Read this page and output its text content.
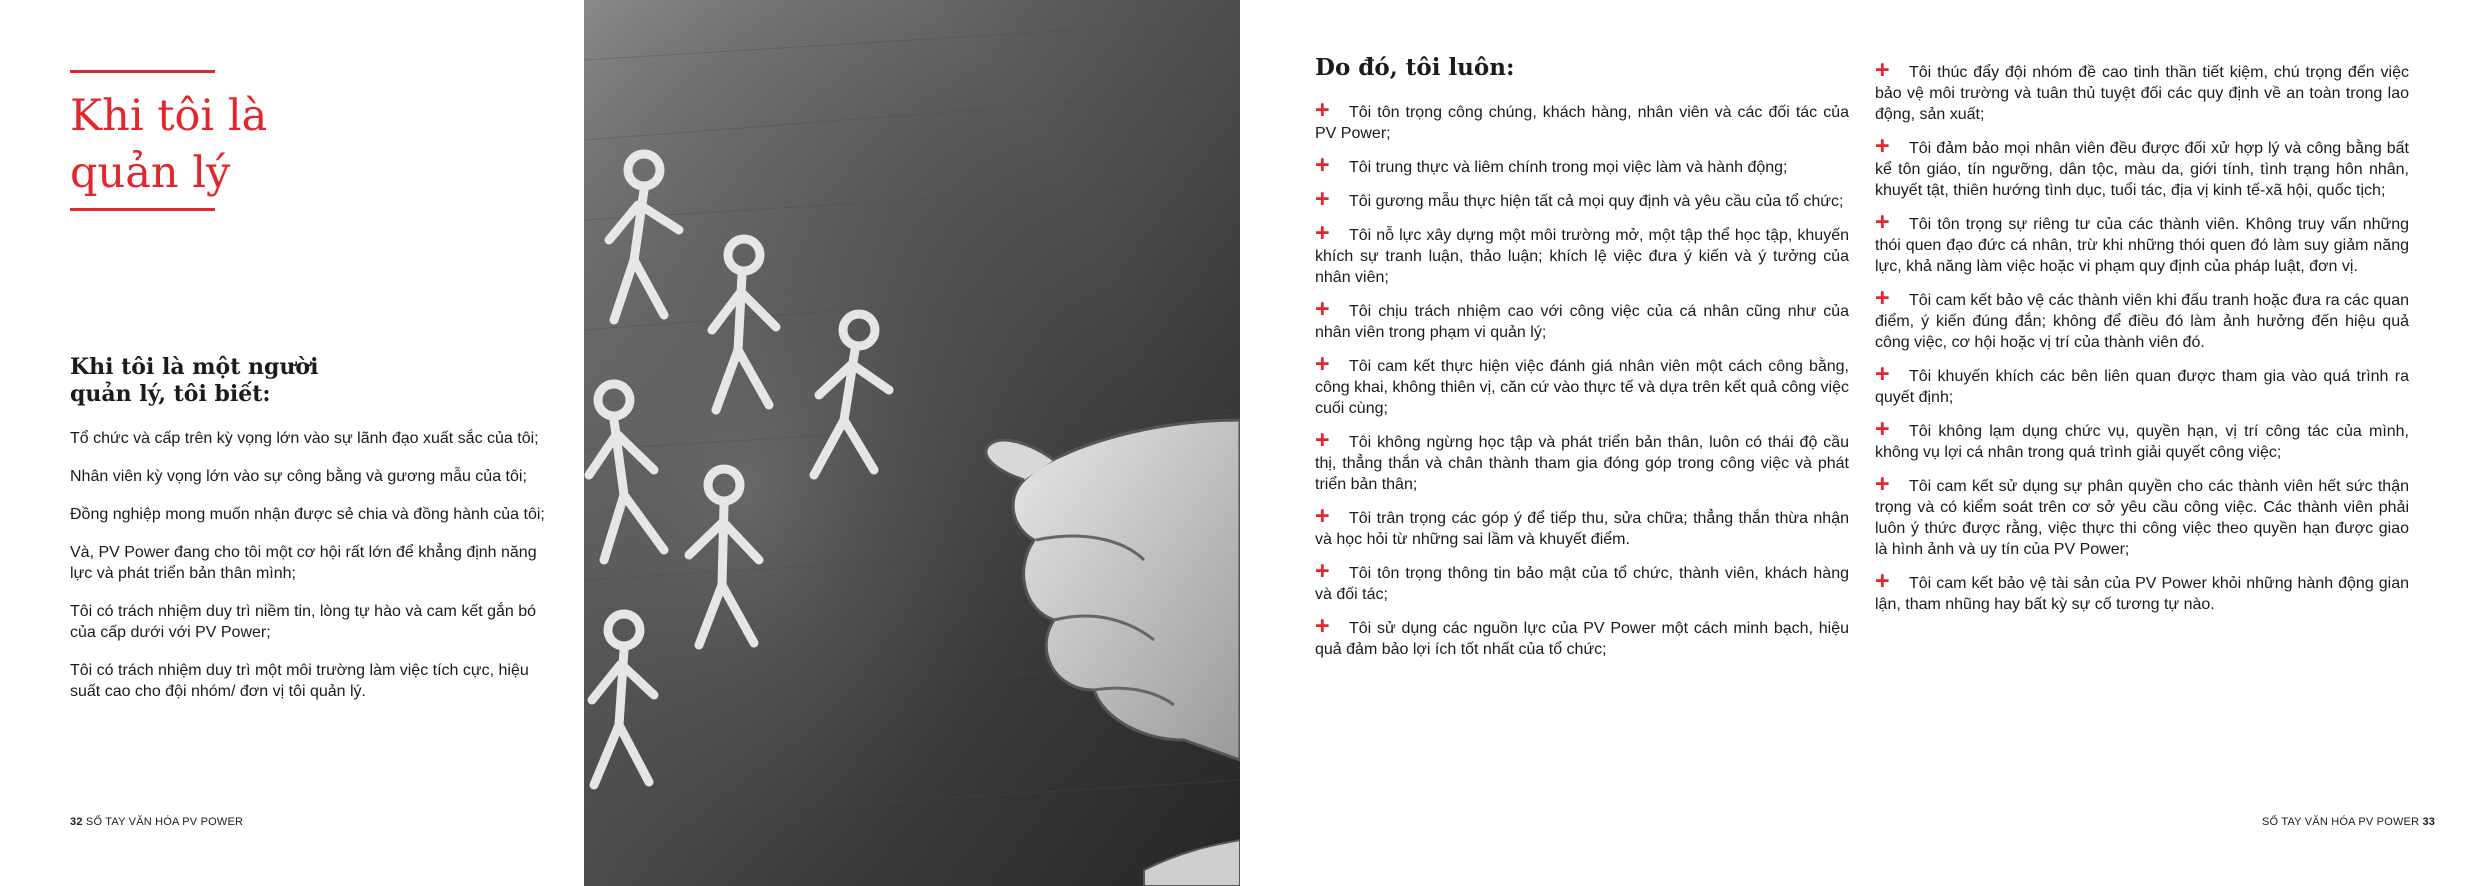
Khi tôi là
quản lý
Khi tôi là một người
quản lý, tôi biết:

Tổ chức và cấp trên kỳ vọng lớn vào sự lãnh đạo xuất sắc của tôi;

Nhân viên kỳ vọng lớn vào sự công bằng và gương mẫu của tôi;

Đồng nghiệp mong muốn nhận được sẻ chia và đồng hành của tôi;

Và, PV Power đang cho tôi một cơ hội rất lớn để khẳng định năng lực và phát triển bản thân mình;

Tôi có trách nhiệm duy trì niềm tin, lòng tự hào và cam kết gắn bó của cấp dưới với PV Power;

Tôi có trách nhiệm duy trì một môi trường làm việc tích cực, hiệu suất cao cho đội nhóm/ đơn vị tôi quản lý.

32 SỔ TAY VĂN HÓA PV POWER
Do đó, tôi luôn:
+ Tôi tôn trọng công chúng, khách hàng, nhân viên và các đối tác của PV Power;
+ Tôi trung thực và liêm chính trong mọi việc làm và hành động;
+ Tôi gương mẫu thực hiện tất cả mọi quy định và yêu cầu của tổ chức;
+ Tôi nỗ lực xây dựng một môi trường mở, một tập thể học tập, khuyến khích sự tranh luận, thảo luận; khích lệ việc đưa ý kiến và ý tưởng của nhân viên;
+ Tôi chịu trách nhiệm cao với công việc của cá nhân cũng như của nhân viên trong phạm vi quản lý;
+ Tôi cam kết thực hiện việc đánh giá nhân viên một cách công bằng, công khai, không thiên vị, căn cứ vào thực tế và dựa trên kết quả công việc cuối cùng;
+ Tôi không ngừng học tập và phát triển bản thân, luôn có thái độ cầu thị, thẳng thắn và chân thành tham gia đóng góp trong công việc và phát triển bản thân;
+ Tôi trân trọng các góp ý để tiếp thu, sửa chữa; thẳng thắn thừa nhận và học hỏi từ những sai lầm và khuyết điểm.
+ Tôi tôn trọng thông tin bảo mật của tổ chức, thành viên, khách hàng và đối tác;
+ Tôi sử dụng các nguồn lực của PV Power một cách minh bạch, hiệu quả đảm bảo lợi ích tốt nhất của tổ chức;
+ Tôi thúc đẩy đội nhóm đề cao tinh thần tiết kiệm, chú trọng đến việc bảo vệ môi trường và tuân thủ tuyệt đối các quy định về an toàn trong lao động, sản xuất;
+ Tôi đảm bảo mọi nhân viên đều được đối xử hợp lý và công bằng bất kể tôn giáo, tín ngưỡng, dân tộc, màu da, giới tính, tình trạng hôn nhân, khuyết tật, thiên hướng tình dục, tuổi tác, địa vị kinh tế-xã hội, quốc tịch;
+ Tôi tôn trọng sự riêng tư của các thành viên. Không truy vấn những thói quen đạo đức cá nhân, trừ khi những thói quen đó làm suy giảm năng lực, khả năng làm việc hoặc vi phạm quy định của pháp luật, đơn vị.
+ Tôi cam kết bảo vệ các thành viên khi đấu tranh hoặc đưa ra các quan điểm, ý kiến đúng đắn; không để điều đó làm ảnh hưởng đến hiệu quả công việc, cơ hội hoặc vị trí của thành viên đó.
+ Tôi khuyến khích các bên liên quan được tham gia vào quá trình ra quyết định;
+ Tôi không lạm dụng chức vụ, quyền hạn, vị trí công tác của mình, không vụ lợi cá nhân trong quá trình giải quyết công việc;
+ Tôi cam kết sử dụng sự phân quyền cho các thành viên hết sức thận trọng và có kiểm soát trên cơ sở yêu cầu công việc. Các thành viên phải luôn ý thức được rằng, việc thực thi công việc theo quyền hạn được giao là hình ảnh và uy tín của PV Power;
+ Tôi cam kết bảo vệ tài sản của PV Power khỏi những hành động gian lận, tham nhũng hay bất kỳ sự cố tương tự nào.
SỔ TAY VĂN HÓA PV POWER 33
